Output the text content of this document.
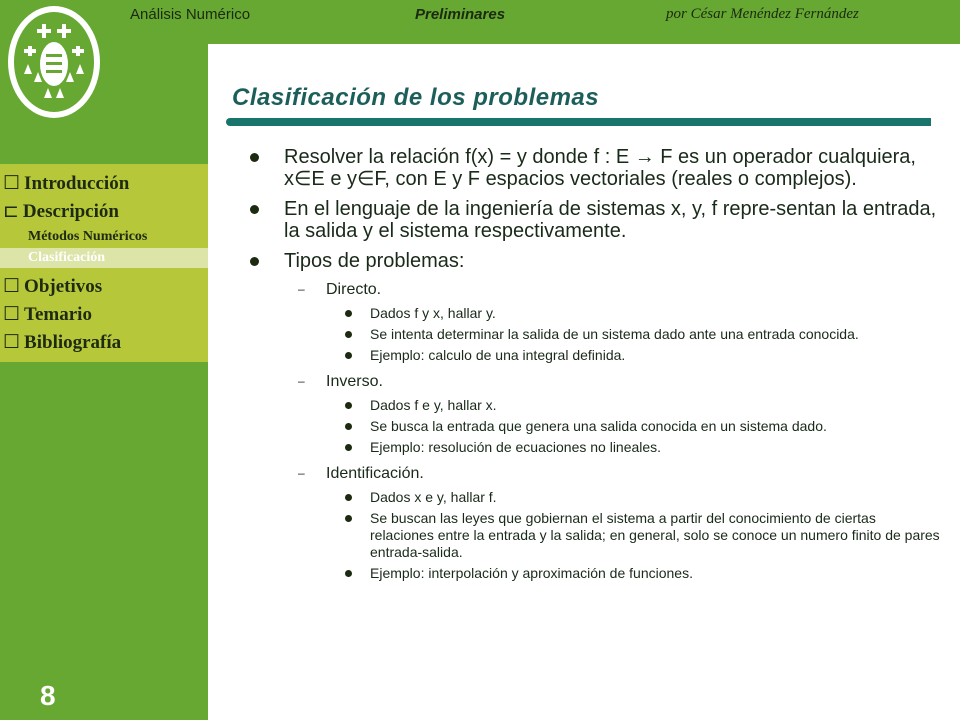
Análisis Numérico	Preliminares	por César Menéndez Fernández
Clasificación de los problemas
☐ Introducción
⊏ Descripción
Métodos Numéricos
Clasificación
☐ Objetivos
☐ Temario
☐ Bibliografía
8
Resolver la relación f(x) = y donde f : E → F es un operador cualquiera, x∈E e y∈F, con E y F espacios vectoriales (reales o complejos).
En el lenguaje de la ingeniería de sistemas x, y, f repre-sentan la entrada, la salida y el sistema respectivamente.
Tipos de problemas:
– Directo.
Dados f y x, hallar y.
Se intenta determinar la salida de un sistema dado ante una entrada conocida.
Ejemplo: calculo de una integral definida.
– Inverso.
Dados f e y, hallar x.
Se busca la entrada que genera una salida conocida en un sistema dado.
Ejemplo: resolución de ecuaciones no lineales.
– Identificación.
Dados x e y, hallar f.
Se buscan las leyes que gobiernan el sistema a partir del conocimiento de ciertas relaciones entre la entrada y la salida; en general, solo se conoce un numero finito de pares entrada-salida.
Ejemplo: interpolación y aproximación de funciones.
